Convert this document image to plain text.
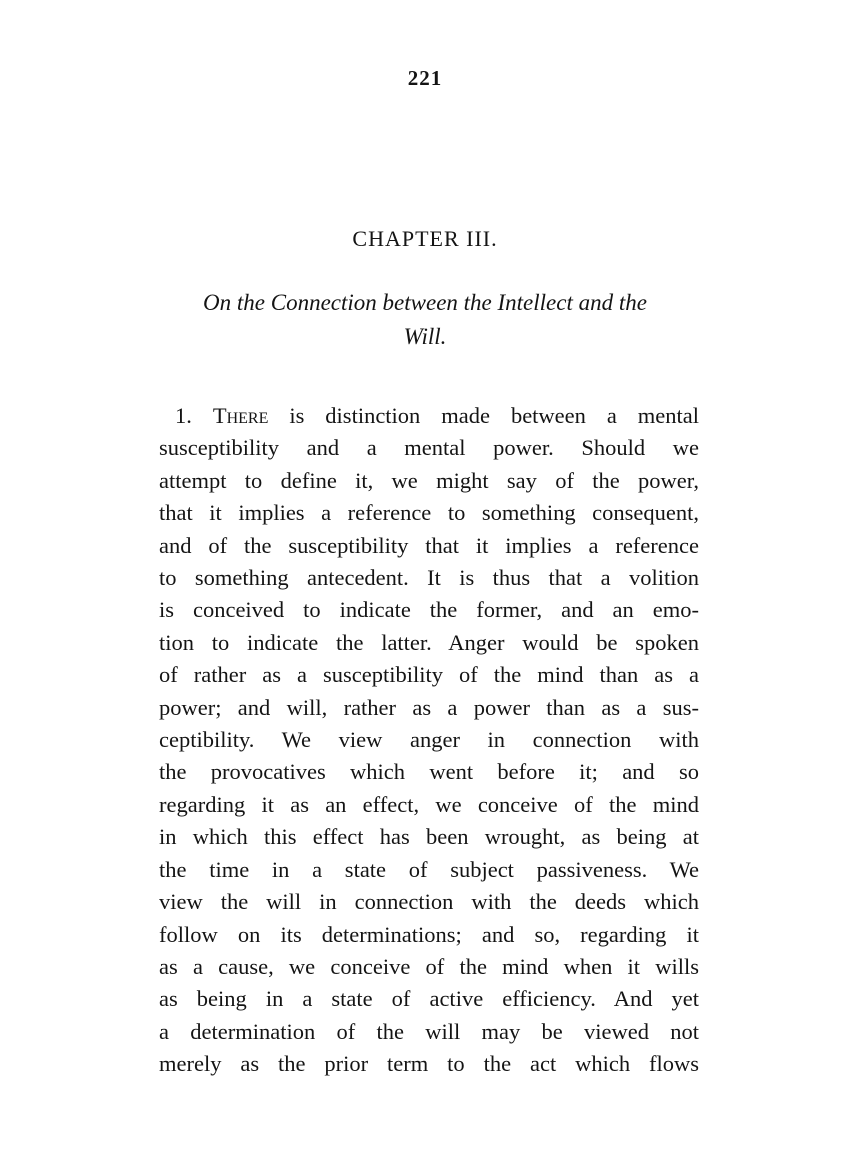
221
CHAPTER III.
On the Connection between the Intellect and the
Will.
1. There is distinction made between a mental
susceptibility and a mental power. Should we
attempt to define it, we might say of the power,
that it implies a reference to something consequent,
and of the susceptibility that it implies a reference
to something antecedent. It is thus that a volition
is conceived to indicate the former, and an emo-
tion to indicate the latter. Anger would be spoken
of rather as a susceptibility of the mind than as a
power; and will, rather as a power than as a sus-
ceptibility. We view anger in connection with
the provocatives which went before it; and so
regarding it as an effect, we conceive of the mind
in which this effect has been wrought, as being at
the time in a state of subject passiveness. We
view the will in connection with the deeds which
follow on its determinations; and so, regarding it
as a cause, we conceive of the mind when it wills
as being in a state of active efficiency. And yet
a determination of the will may be viewed not
merely as the prior term to the act which flows
